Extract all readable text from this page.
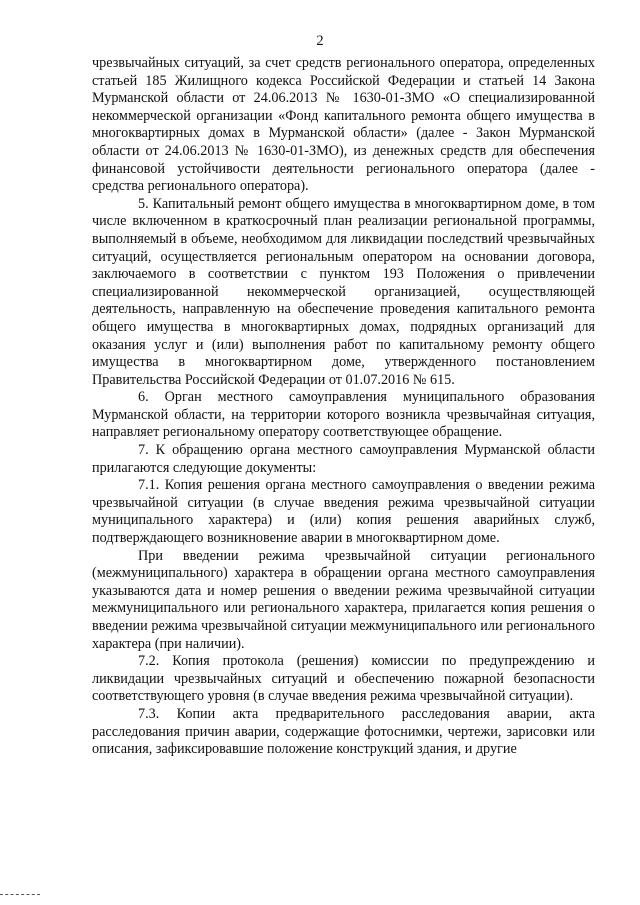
2

чрезвычайных ситуаций, за счет средств регионального оператора, определенных статьей 185 Жилищного кодекса Российской Федерации и статьей 14 Закона Мурманской области от 24.06.2013 № 1630-01-ЗМО «О специализированной некоммерческой организации «Фонд капитального ремонта общего имущества в многоквартирных домах в Мурманской области» (далее - Закон Мурманской области от 24.06.2013 № 1630-01-ЗМО), из денежных средств для обеспечения финансовой устойчивости деятельности регионального оператора (далее - средства регионального оператора).

5. Капитальный ремонт общего имущества в многоквартирном доме, в том числе включенном в краткосрочный план реализации региональной программы, выполняемый в объеме, необходимом для ликвидации последствий чрезвычайных ситуаций, осуществляется региональным оператором на основании договора, заключаемого в соответствии с пунктом 193 Положения о привлечении специализированной некоммерческой организацией, осуществляющей деятельность, направленную на обеспечение проведения капитального ремонта общего имущества в многоквартирных домах, подрядных организаций для оказания услуг и (или) выполнения работ по капитальному ремонту общего имущества в многоквартирном доме, утвержденного постановлением Правительства Российской Федерации от 01.07.2016 № 615.

6. Орган местного самоуправления муниципального образования Мурманской области, на территории которого возникла чрезвычайная ситуация, направляет региональному оператору соответствующее обращение.

7. К обращению органа местного самоуправления Мурманской области прилагаются следующие документы:

7.1. Копия решения органа местного самоуправления о введении режима чрезвычайной ситуации (в случае введения режима чрезвычайной ситуации муниципального характера) и (или) копия решения аварийных служб, подтверждающего возникновение аварии в многоквартирном доме.

При введении режима чрезвычайной ситуации регионального (межмуниципального) характера в обращении органа местного самоуправления указываются дата и номер решения о введении режима чрезвычайной ситуации межмуниципального или регионального характера, прилагается копия решения о введении режима чрезвычайной ситуации межмуниципального или регионального характера (при наличии).

7.2. Копия протокола (решения) комиссии по предупреждению и ликвидации чрезвычайных ситуаций и обеспечению пожарной безопасности соответствующего уровня (в случае введения режима чрезвычайной ситуации).

7.3. Копии акта предварительного расследования аварии, акта расследования причин аварии, содержащие фотоснимки, чертежи, зарисовки или описания, зафиксировавшие положение конструкций здания, и другие
